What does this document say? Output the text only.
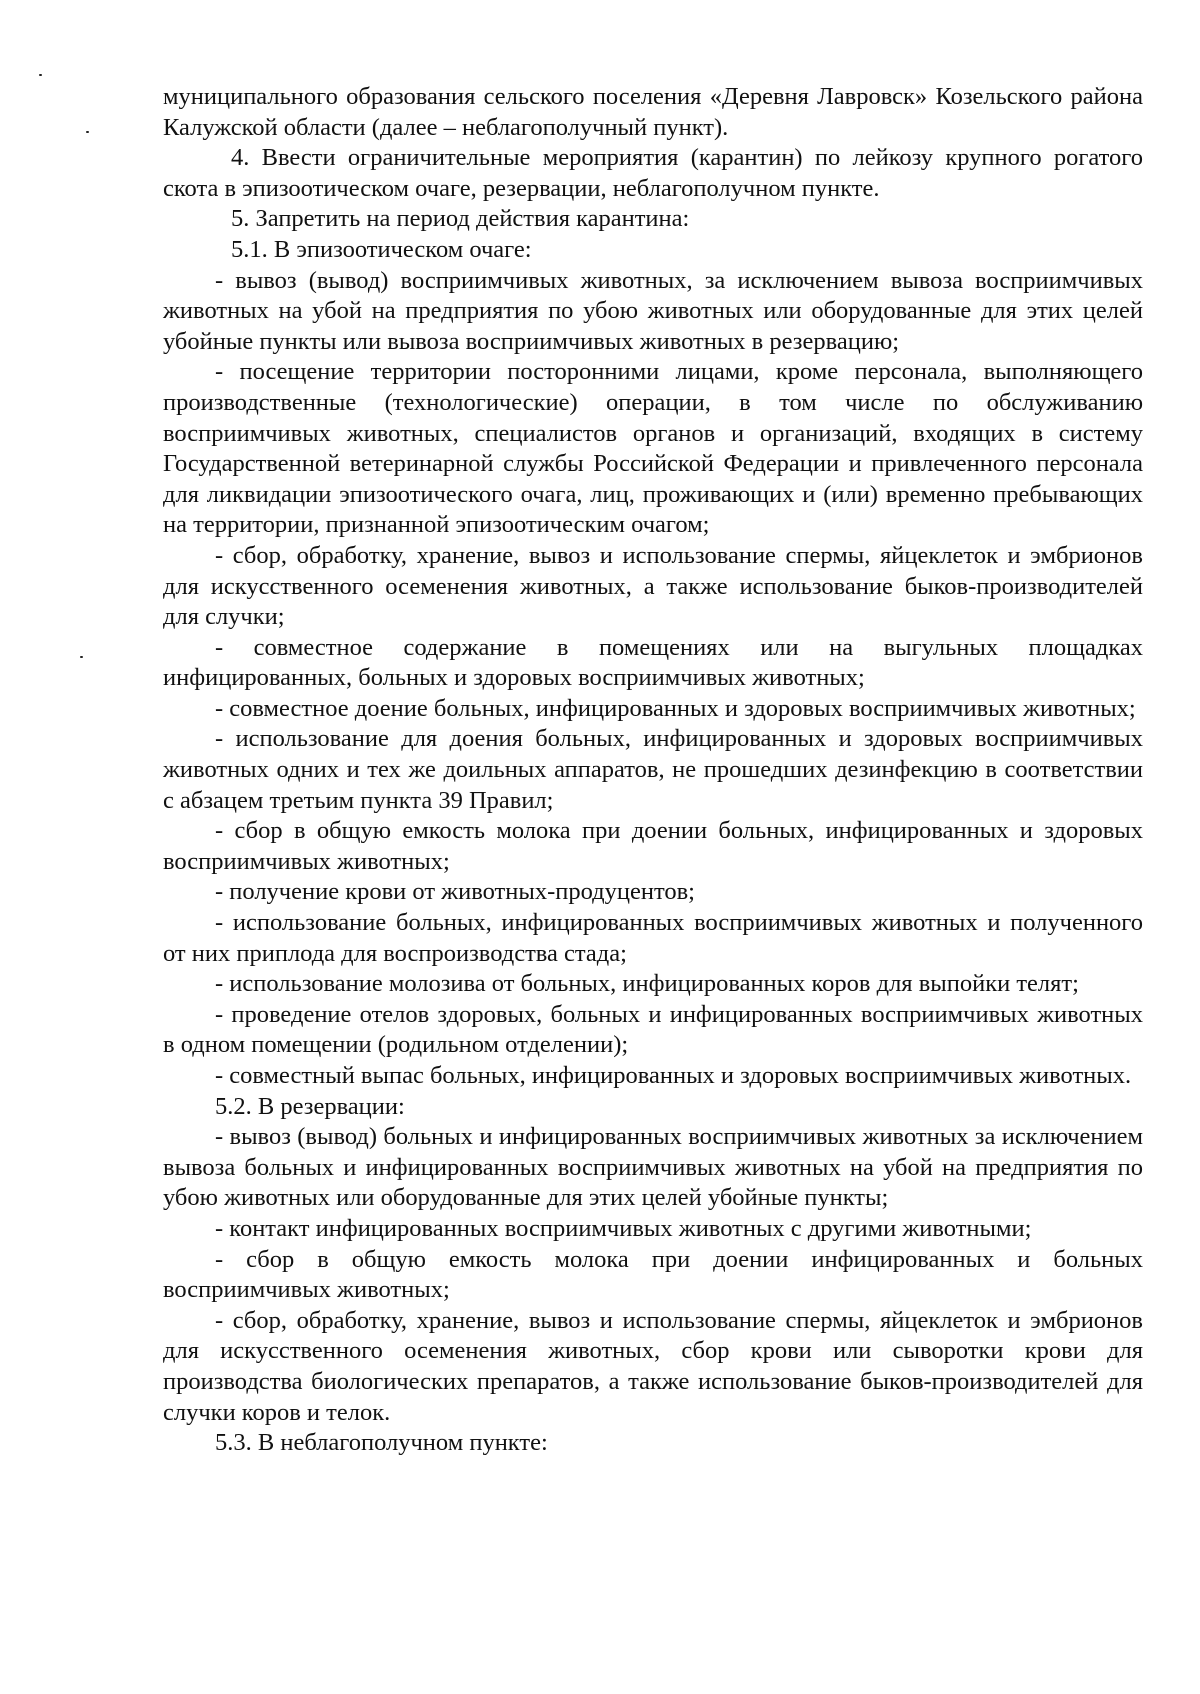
муниципального образования сельского поселения «Деревня Лавровск» Козельского района Калужской области (далее – неблагополучный пункт).

4. Ввести ограничительные мероприятия (карантин) по лейкозу крупного рогатого скота в эпизоотическом очаге, резервации, неблагополучном пункте.

5. Запретить на период действия карантина:

5.1. В эпизоотическом очаге:

- вывоз (вывод) восприимчивых животных, за исключением вывоза восприимчивых животных на убой на предприятия по убою животных или оборудованные для этих целей убойные пункты или вывоза восприимчивых животных в резервацию;

- посещение территории посторонними лицами, кроме персонала, выполняющего производственные (технологические) операции, в том числе по обслуживанию восприимчивых животных, специалистов органов и организаций, входящих в систему Государственной ветеринарной службы Российской Федерации и привлеченного персонала для ликвидации эпизоотического очага, лиц, проживающих и (или) временно пребывающих на территории, признанной эпизоотическим очагом;

- сбор, обработку, хранение, вывоз и использование спермы, яйцеклеток и эмбрионов для искусственного осеменения животных, а также использование быков-производителей для случки;

- совместное содержание в помещениях или на выгульных площадках инфицированных, больных и здоровых восприимчивых животных;

- совместное доение больных, инфицированных и здоровых восприимчивых животных;

- использование для доения больных, инфицированных и здоровых восприимчивых животных одних и тех же доильных аппаратов, не прошедших дезинфекцию в соответствии с абзацем третьим пункта 39 Правил;

- сбор в общую емкость молока при доении больных, инфицированных и здоровых восприимчивых животных;

- получение крови от животных-продуцентов;

- использование больных, инфицированных восприимчивых животных и полученного от них приплода для воспроизводства стада;

- использование молозива от больных, инфицированных коров для выпойки телят;

- проведение отелов здоровых, больных и инфицированных восприимчивых животных в одном помещении (родильном отделении);

- совместный выпас больных, инфицированных и здоровых восприимчивых животных.

5.2. В резервации:

- вывоз (вывод) больных и инфицированных восприимчивых животных за исключением вывоза больных и инфицированных восприимчивых животных на убой на предприятия по убою животных или оборудованные для этих целей убойные пункты;

- контакт инфицированных восприимчивых животных с другими животными;

- сбор в общую емкость молока при доении инфицированных и больных восприимчивых животных;

- сбор, обработку, хранение, вывоз и использование спермы, яйцеклеток и эмбрионов для искусственного осеменения животных, сбор крови или сыворотки крови для производства биологических препаратов, а также использование быков-производителей для случки коров и телок.

5.3. В неблагополучном пункте:
